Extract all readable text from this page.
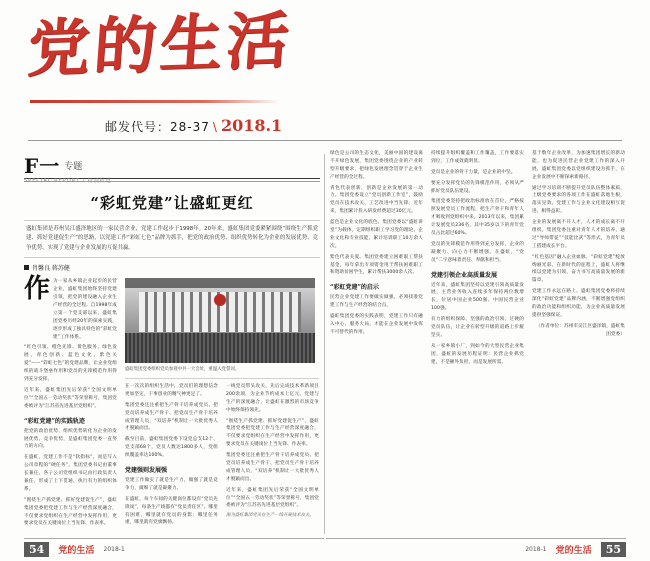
党的生活
邮发代号：28-37 \ 2018.1
F一 $^{专题}$
SPECIAL REPORT / 特别报道
“彩虹党建”让盛虹更红
盛虹集团是苏州吴江盛泽地区的一家民营企业，党建工作起步于1998年。20年来，盛虹集团党委紧紧围绕“围绕生产抓党建、抓好党建促生产”的思路，以党建工作“彩虹七色”品牌为抓手，把党的政治优势、组织优势转化为企业的发展优势、竞争优势，实现了党建与企业发展的互促共赢。
肖馨良 蒋苏健
作 为一家从乡镇企业起步的民营企业，盛虹集团始终坚持党建引领，把党的建设融入企业生产经营的全过程。自1998年成立第一个党支部以来，盛虹集团党委历经20年的探索实践，逐步形成了独具特色的“彩虹党建”工作体系。

“红色引领、橙色先锋、黄色服务、绿色发展、青色创新、蓝色文化、紫色关爱”——“彩虹七色”的党建品牌，让企业党组织的战斗堡垒作用和党员的先锋模范作用得到充分发挥。

近年来，盛虹集团先后荣获“全国文明单位”“全国五一劳动奖状”等荣誉称号，集团党委被评为“江苏省先进基层党组织”。

“彩虹党建”的实践轨迹

把党的政治优势、组织优势转化为企业的发展优势、竞争优势，是盛虹集团党委一直努力的方向。

在盛虹，党建工作不是“软指标”，而是写入公司章程的“硬任务”。集团党委书记由董事长兼任，各子公司党组织书记由行政负责人兼任，形成了上下贯通、执行有力的组织体系。

“围绕生产抓党建、抓好党建促生产”，盛虹集团党委把党建工作与生产经营深度融合，不仅要求党组织在生产经营中发挥作用，更要求党员在关键岗位上当先锋、作表率。

盛虹集团党委组织党员参观中共一大会址，重温入党誓词。

在一次次的组织生活中，党员们的理想信念更加坚定，干事创业的精气神更足了。

集团党委还注重把生产骨干培养成党员、把党员培养成生产骨干、把党员生产骨干培养成管理人员，“双培养”机制让一大批优秀人才脱颖而出。

截至目前，盛虹集团党委下设党总支12个、党支部68个，党员人数达1800多人，党组织覆盖率达100%。

党建强则发展强

党建工作做实了就是生产力，做强了就是竞争力，做细了就是凝聚力。

在盛虹，每个车间的关键岗位都设有“党员先锋岗”，每条生产线都有“党员责任区”。哪里有困难，哪里就有党员的身影；哪里任务重，哪里就有党旗飘扬。

一线党员带头攻关，先后完成技术革新项目200余项，为企业节约成本上亿元。党建与生产的深度融合，让盛虹在激烈的市场竞争中始终保持领先。

“围绕生产抓党建、抓好党建促生产”，盛虹集团党委把党建工作与生产经营深度融合，不仅要求党组织在生产经营中发挥作用，更要求党员在关键岗位上当先锋、作表率。

集团党委还注重把生产骨干培养成党员、把党员培养成生产骨干、把党员生产骨干培养成管理人员，“双培养”机制让一大批优秀人才脱颖而出。

近年来，盛虹集团先后荣获“全国文明单位”“全国五一劳动奖状”等荣誉称号，集团党委被评为“江苏省先进基层党组织”。

图为盛虹集团党员在生产一线开展技术攻关。

绿色是公司的生态文化，美丽中国的建设离不开绿色发展，集团党委围绕企业的产业转型升级要求，把绿色发展理念贯穿于企业生产经营的全过程。

青色代表创新，创新是企业发展的第一动力。集团党委设立“党员创新工作室”，鼓励党员在技术攻关、工艺改进中当先锋。近年来，集团累计投入研发经费超过30亿元。

蓝色是企业文化的底色。集团党委以“盛虹讲堂”为载体，定期组织职工学习党的理论、企业文化和专业技能，累计培训职工10万余人次。

紫色代表关爱。集团党委建立困难职工帮扶基金，每年拿出专项资金用于帮扶困难职工和资助贫困学生，累计帮扶3000余人次。

“彩虹党建”的启示

民营企业党建工作要做实做强，必须找准党建工作与生产经营的结合点。

盛虹集团党委的实践表明，党建工作只有融入中心、服务大局，才能在企业发展中发挥不可替代的作用。

持续提升组织覆盖和工作覆盖，工作要落实到位，工作成效就明显。

党员是企业的骨干力量，是企业的中坚。

要充分发挥党员的先锋模范作用，必须从严抓好党员队伍建设。

集团党委坚持把政治标准放在首位，严格按照发展党员工作流程，把生产骨干和青年人才吸收到党组织中来。2013年以来，集团累计发展党员236名，其中35岁以下的青年党员占比超过60%。

党员的先锋模范作用得到充分发挥，企业的凝聚力、向心力不断增强。在盛虹，“党员”二字意味着责任、奉献和担当。

党建引领企业高质量发展

近年来，盛虹集团坚持以党建引领高质量发展，主营业务收入连续多年保持两位数增长，位居中国企业500强、中国民营企业100强。

有力的组织保障、坚强的政治引领、过硬的党员队伍，让企业在转型升级的道路上步履坚实。

从一家乡镇小厂，到如今的大型民营企业集团，盛虹的发展历程证明：民营企业抓党建，不是额外负担，而是发展所需。

基于数年企业改革，为加速集团增长的新动能，也为促进民营企业党建工作的深入开展，盛虹集团党委以党组织建设为抓手，在企业发展中不断探索新路径。

通过学习培训不断提升党员队伍整体素质，上级党委要求的各项工作在盛虹落地生根，落实见效。党建工作与企业文化建设相互促进、相得益彰。

企业的发展离不开人才，人才的成长离不开组织。集团党委注重对青年人才的培养，通过“导师带徒”“技能比武”等形式，为青年员工搭建成长平台。

“红色基因”融入企业血脉，“彩虹党建”绽放绚丽光彩。在新时代的征程上，盛虹人将继续以党建为引领，奋力书写高质量发展的新篇章。

党建工作永远在路上。盛虹集团党委将持续深化“彩虹党建”品牌内涵，不断增强党组织的政治功能和组织功能，为企业高质量发展提供坚强保证。

（作者单位：苏州市吴江区盛泽镇，盛虹集团党委）

54 党的生活 2018-1	2018-1 党的生活 55
